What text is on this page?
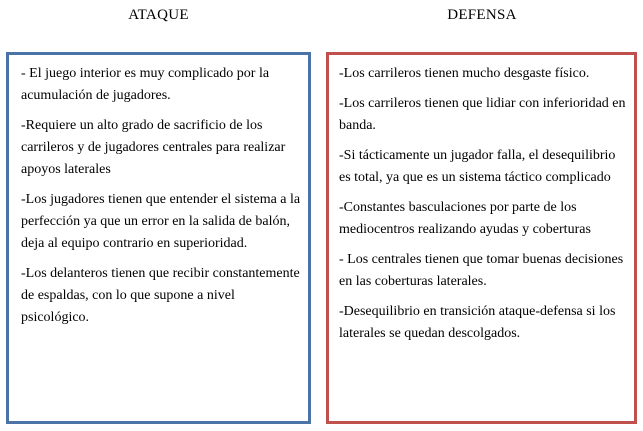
ATAQUE	DEFENSA
- El juego interior es muy complicado por la acumulación de jugadores.
-Requiere un alto grado de sacrificio de los carrileros y de jugadores centrales para realizar apoyos laterales
-Los jugadores tienen que entender el sistema a la perfección ya que un error en la salida de balón, deja al equipo contrario en superioridad.
-Los delanteros tienen que recibir constantemente de espaldas, con lo que supone a nivel psicológico.
-Los carrileros tienen mucho desgaste físico.
-Los carrileros tienen que lidiar con inferioridad en banda.
-Si tácticamente un jugador falla, el desequilibrio es total, ya que es un sistema táctico complicado
-Constantes basculaciones por parte de los mediocentros realizando ayudas y coberturas
- Los centrales tienen que tomar buenas decisiones en las coberturas laterales.
-Desequilibrio en transición ataque-defensa si los laterales se quedan descolgados.
